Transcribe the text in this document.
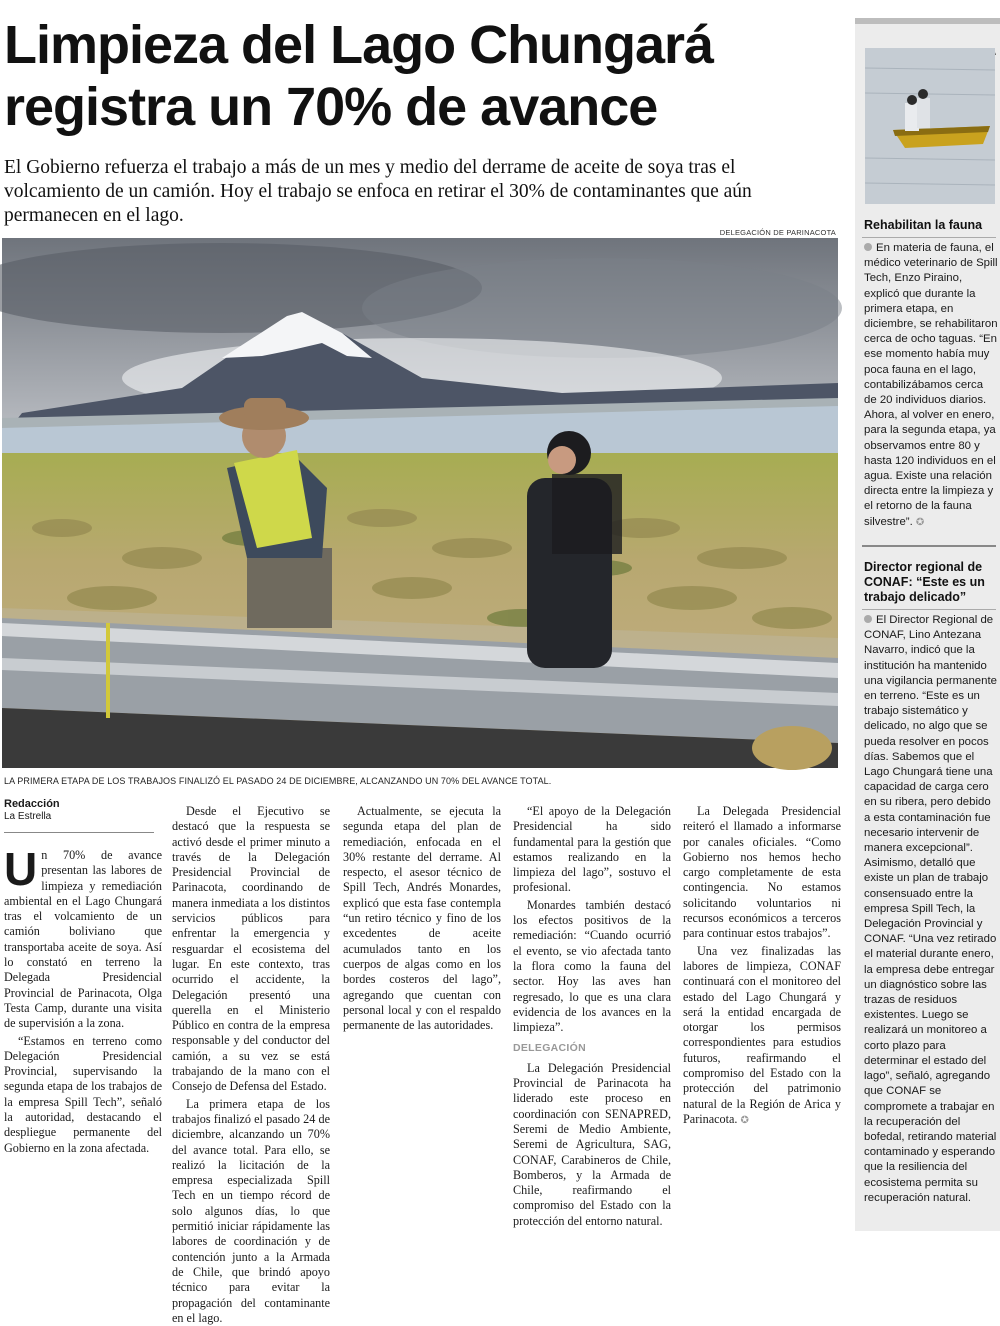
Limpieza del Lago Chungará registra un 70% de avance
El Gobierno refuerza el trabajo a más de un mes y medio del derrame de aceite de soya tras el volcamiento de un camión. Hoy el trabajo se enfoca en retirar el 30% de contaminantes que aún permanecen en el lago.
DELEGACIÓN DE PARINACOTA
LA PRIMERA ETAPA DE LOS TRABAJOS FINALIZÓ EL PASADO 24 DE DICIEMBRE, ALCANZANDO UN 70% DEL AVANCE TOTAL.
Redacción
La Estrella

Un 70% de avance presentan las labores de limpieza y remediación ambiental en el Lago Chungará tras el volcamiento de un camión boliviano que transportaba aceite de soya. Así lo constató en terreno la Delegada Presidencial Provincial de Parinacota, Olga Testa Camp, durante una visita de supervisión a la zona.

“Estamos en terreno como Delegación Presidencial Provincial, supervisando la segunda etapa de los trabajos de la empresa Spill Tech”, señaló la autoridad, destacando el despliegue permanente del Gobierno en la zona afectada.

Desde el Ejecutivo se destacó que la respuesta se activó desde el primer minuto a través de la Delegación Presidencial Provincial de Parinacota, coordinando de manera inmediata a los distintos servicios públicos para enfrentar la emergencia y resguardar el ecosistema del lugar. En este contexto, tras ocurrido el accidente, la Delegación presentó una querella en el Ministerio Público en contra de la empresa responsable y del conductor del camión, a su vez se está trabajando de la mano con el Consejo de Defensa del Estado.

La primera etapa de los trabajos finalizó el pasado 24 de diciembre, alcanzando un 70% del avance total. Para ello, se realizó la licitación de la empresa especializada Spill Tech en un tiempo récord de solo algunos días, lo que permitió iniciar rápidamente las labores de coordinación y de contención junto a la Armada de Chile, que brindó apoyo técnico para evitar la propagación del contaminante en el lago.

Actualmente, se ejecuta la segunda etapa del plan de remediación, enfocada en el 30% restante del derrame. Al respecto, el asesor técnico de Spill Tech, Andrés Monardes, explicó que esta fase contempla “un retiro técnico y fino de los excedentes de aceite acumulados tanto en los cuerpos de algas como en los bordes costeros del lago”, agregando que cuentan con personal local y con el respaldo permanente de las autoridades.

“El apoyo de la Delegación Presidencial ha sido fundamental para la gestión que estamos realizando en la limpieza del lago”, sostuvo el profesional.

Monardes también destacó los efectos positivos de la remediación: “Cuando ocurrió el evento, se vio afectada tanto la flora como la fauna del sector. Hoy las aves han regresado, lo que es una clara evidencia de los avances en la limpieza”.

DELEGACIÓN

La Delegación Presidencial Provincial de Parinacota ha liderado este proceso en coordinación con SENAPRED, Seremi de Medio Ambiente, Seremi de Agricultura, SAG, CONAF, Carabineros de Chile, Bomberos, y la Armada de Chile, reafirmando el compromiso del Estado con la protección del entorno natural.

La Delegada Presidencial reiteró el llamado a informarse por canales oficiales. “Como Gobierno nos hemos hecho cargo completamente de esta contingencia. No estamos solicitando voluntarios ni recursos económicos a terceros para continuar estos trabajos”.

Una vez finalizadas las labores de limpieza, CONAF continuará con el monitoreo del estado del Lago Chungará y será la entidad encargada de otorgar los permisos correspondientes para estudios futuros, reafirmando el compromiso del Estado con la protección del patrimonio natural de la Región de Arica y Parinacota. ✪

Rehabilitan la fauna

En materia de fauna, el médico veterinario de Spill Tech, Enzo Piraino, explicó que durante la primera etapa, en diciembre, se rehabilitaron cerca de ocho taguas. “En ese momento había muy poca fauna en el lago, contabilizábamos cerca de 20 individuos diarios. Ahora, al volver en enero, para la segunda etapa, ya observamos entre 80 y hasta 120 individuos en el agua. Existe una relación directa entre la limpieza y el retorno de la fauna silvestre”. ✪

Director regional de CONAF: “Este es un trabajo delicado”

El Director Regional de CONAF, Lino Antezana Navarro, indicó que la institución ha mantenido una vigilancia permanente en terreno. “Este es un trabajo sistemático y delicado, no algo que se pueda resolver en pocos días. Sabemos que el Lago Chungará tiene una capacidad de carga cero en su ribera, pero debido a esta contaminación fue necesario intervenir de manera excepcional”.

Asimismo, detalló que existe un plan de trabajo consensuado entre la empresa Spill Tech, la Delegación Provincial y CONAF. “Una vez retirado el material durante enero, la empresa debe entregar un diagnóstico sobre las trazas de residuos existentes. Luego se realizará un monitoreo a corto plazo para determinar el estado del lago”, señaló, agregando que CONAF se compromete a trabajar en la recuperación del bofedal, retirando material contaminado y esperando que la resiliencia del ecosistema permita su recuperación natural.
